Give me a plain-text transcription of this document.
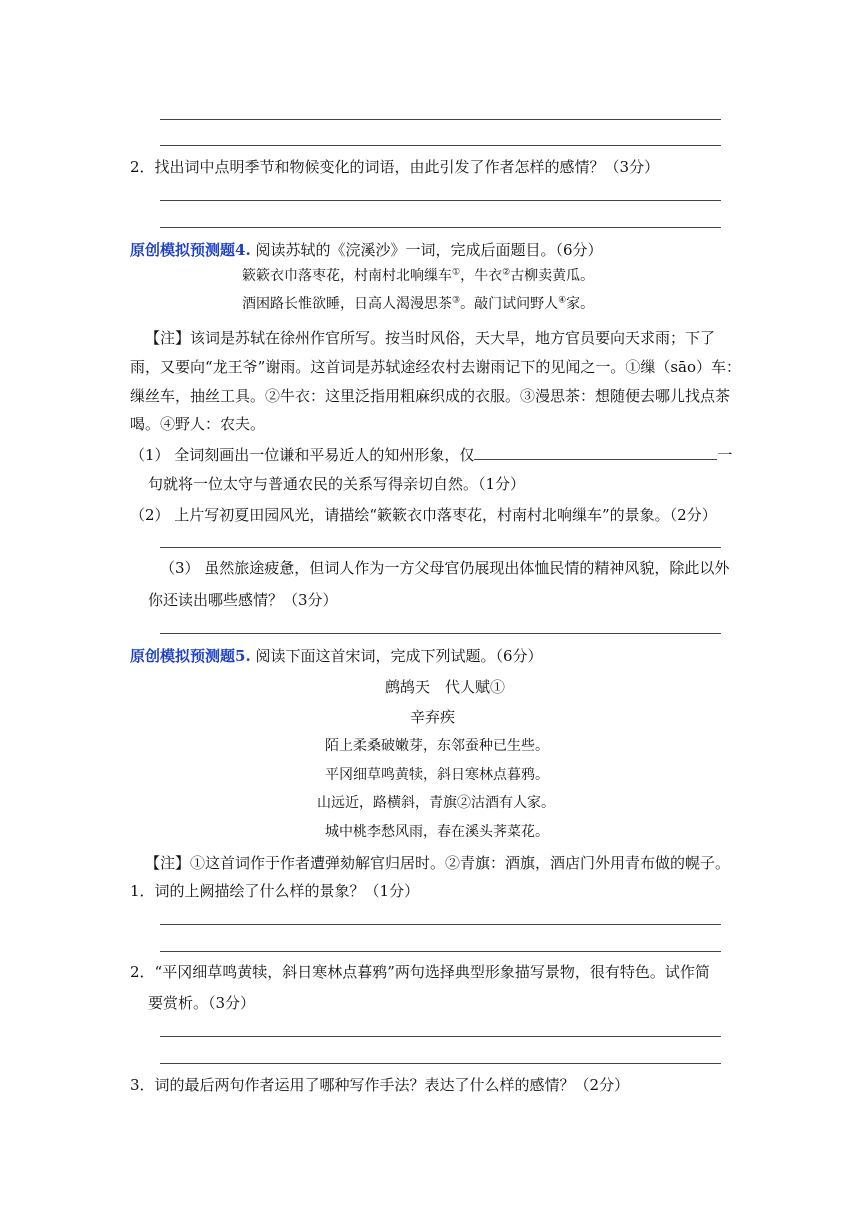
2．找出词中点明季节和物候变化的词语，由此引发了作者怎样的感情？（3分）
原创模拟预测题4. 阅读苏轼的《浣溪沙》一词，完成后面题目。（6分）
簌簌衣巾落枣花，村南村北响缫车①，牛衣②古柳卖黄瓜。
酒困路长惟欲睡，日高人渴漫思茶③。敲门试问野人④家。
【注】该词是苏轼在徐州作官所写。按当时风俗，天大旱，地方官员要向天求雨；下了
雨，又要向“龙王爷”谢雨。这首词是苏轼途经农村去谢雨记下的见闻之一。①缫（sāo）车：
缫丝车，抽丝工具。②牛衣：这里泛指用粗麻织成的衣服。③漫思茶：想随便去哪儿找点茶
喝。④野人：农夫。
（1） 全词刻画出一位谦和平易近人的知州形象，仅	一
句就将一位太守与普通农民的关系写得亲切自然。（1分）
（2） 上片写初夏田园风光，请描绘“簌簌衣巾落枣花，村南村北响缫车”的景象。（2分）
（3） 虽然旅途疲惫，但词人作为一方父母官仍展现出体恤民情的精神风貌，除此以外
你还读出哪些感情？（3分）
原创模拟预测题5. 阅读下面这首宋词，完成下列试题。（6分）
鹧鸪天　代人赋①
辛弃疾
陌上柔桑破嫩芽，东邻蚕种已生些。
平冈细草鸣黄犊，斜日寒林点暮鸦。
山远近，路横斜，青旗②沽酒有人家。
城中桃李愁风雨，春在溪头荠菜花。
【注】①这首词作于作者遭弹劾解官归居时。②青旗：酒旗，酒店门外用青布做的幌子。
1．词的上阙描绘了什么样的景象？（1分）
2．“平冈细草鸣黄犊，斜日寒林点暮鸦”两句选择典型形象描写景物，很有特色。试作简
要赏析。（3分）
3．词的最后两句作者运用了哪种写作手法？表达了什么样的感情？（2分）
